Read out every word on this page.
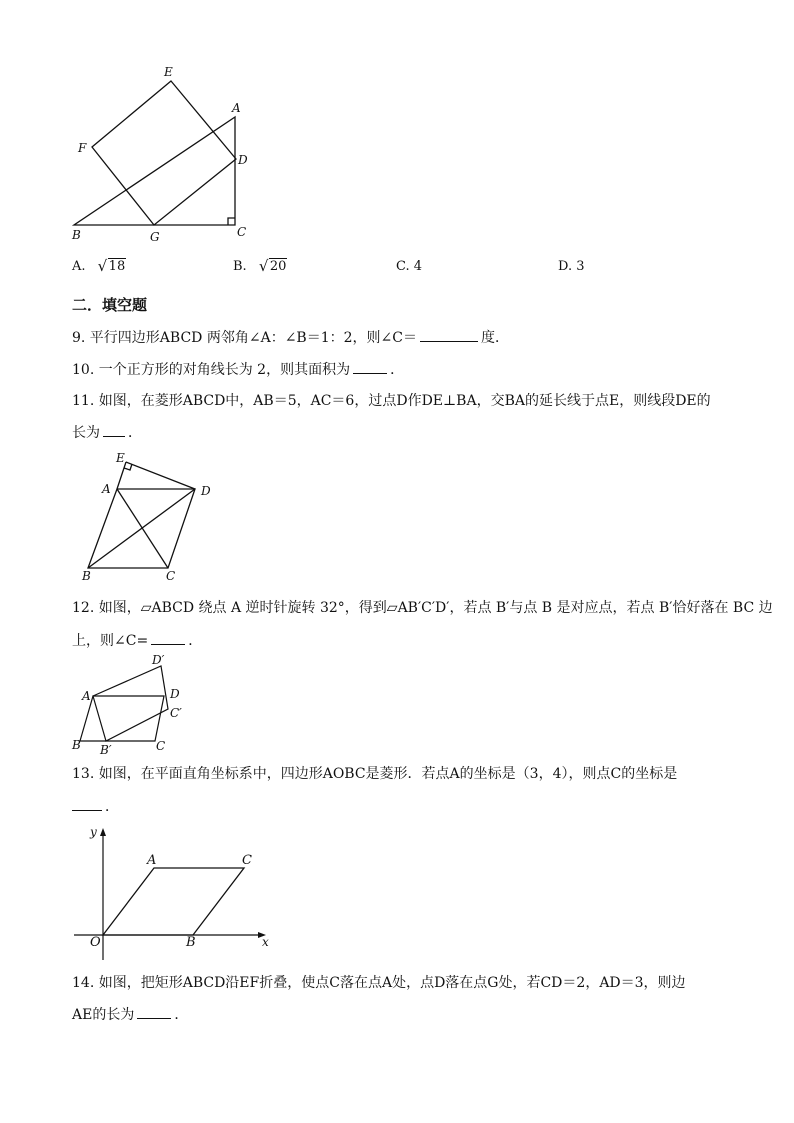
E
A
F
D
B	G	C
A. √ 18	B. √ 20	C. 4	D. 3
二．填空题
9. 平行四边形ABCD 两邻角∠A：∠B＝1：2，则∠C＝	度．
10. 一个正方形的对角线长为 2，则其面积为	．
11. 如图，在菱形ABCD中，AB＝5，AC＝6，过点D作DE⊥BA，交BA的延长线于点E，则线段DE的
长为 ．
E
A	D
B	C
12. 如图，▱ABCD 绕点 A 逆时针旋转 32°，得到▱AB′C′D′，若点 B′与点 B 是对应点，若点 B′恰好落在 BC 边
上，则∠C=	．
D′
A	D
C′
B B′	C
13. 如图，在平面直角坐标系中，四边形AOBC是菱形．若点A的坐标是（3，4），则点C的坐标是
．
y
A	C
O	B	x
14. 如图，把矩形ABCD沿EF折叠，使点C落在点A处，点D落在点G处，若CD＝2，AD＝3，则边
AE的长为	．
